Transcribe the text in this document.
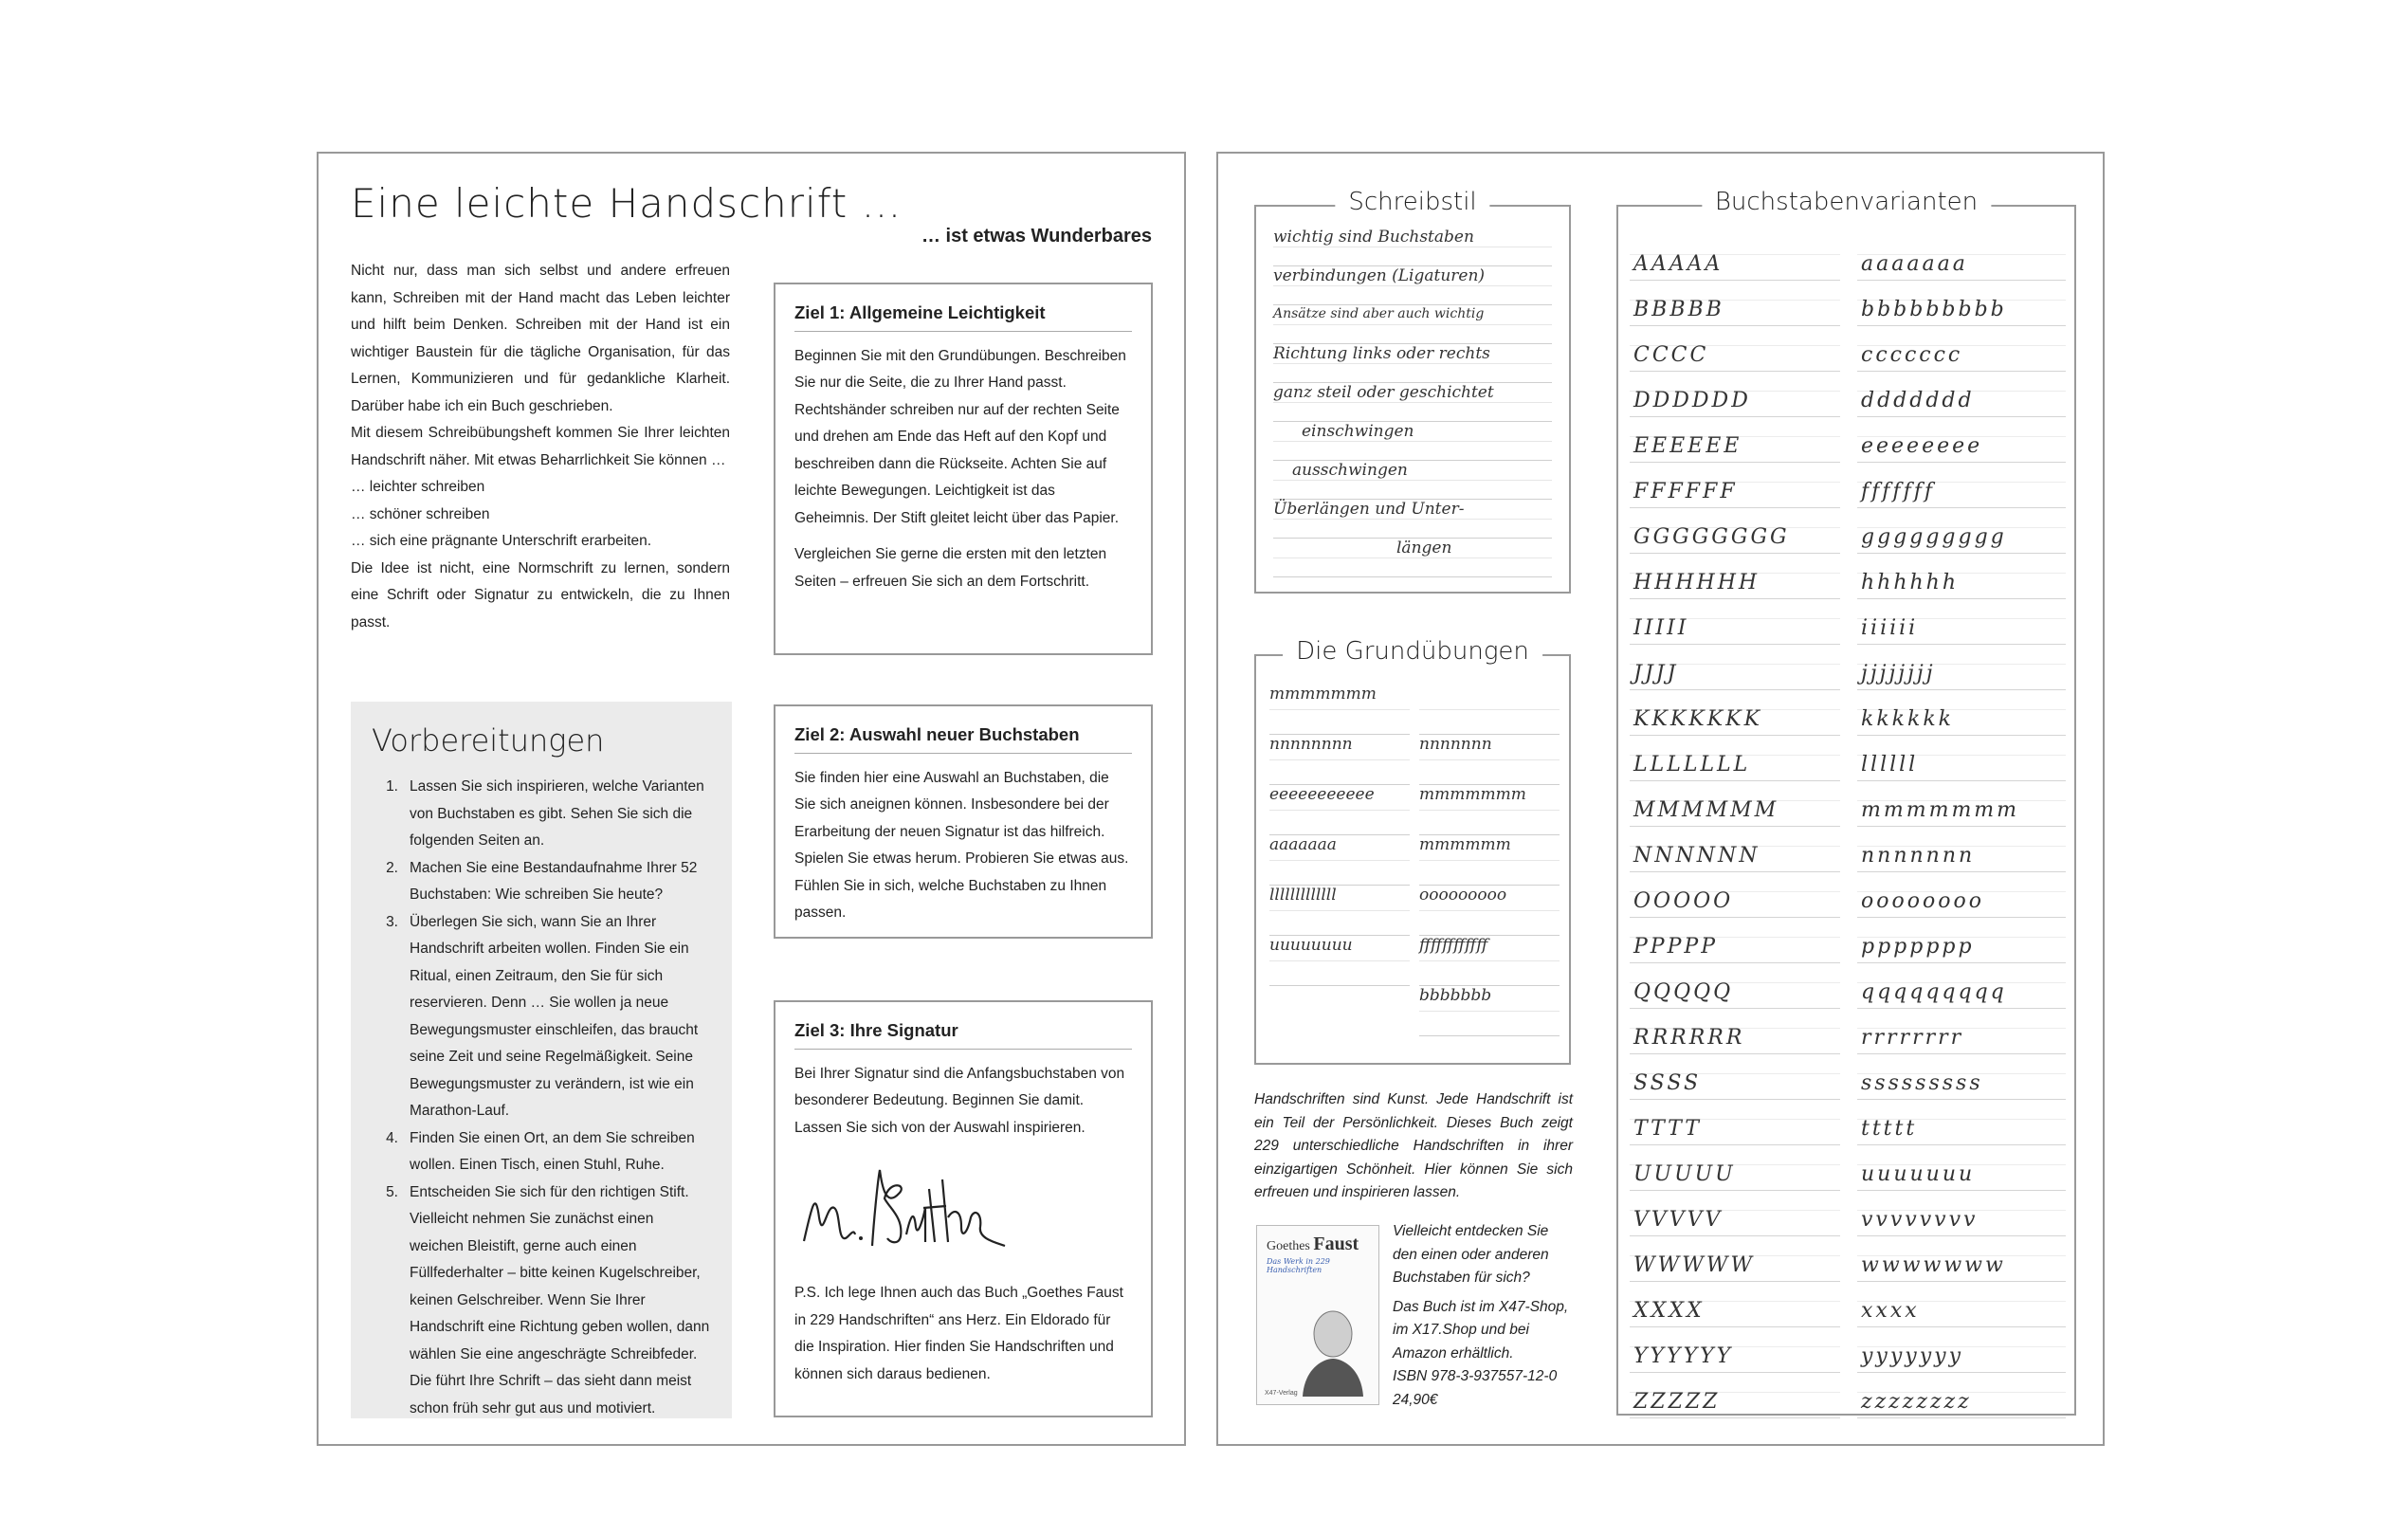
Eine leichte Handschrift …
… ist etwas Wunderbares

Nicht nur, dass man sich selbst und andere erfreuen kann, Schreiben mit der Hand macht das Leben leichter und hilft beim Denken. Schreiben mit der Hand ist ein wichtiger Baustein für die tägliche Organisation, für das Lernen, Kommunizieren und für gedankliche Klarheit. Darüber habe ich ein Buch geschrieben.

Mit diesem Schreibübungsheft kommen Sie Ihrer leichten Handschrift näher. Mit etwas Beharrlichkeit Sie können …

… leichter schreiben

… schöner schreiben

… sich eine prägnante Unterschrift erarbeiten.

Die Idee ist nicht, eine Normschrift zu lernen, sondern eine Schrift oder Signatur zu entwickeln, die zu Ihnen passt.

Vorbereitungen
1. Lassen Sie sich inspirieren, welche Varianten von Buchstaben es gibt. Sehen Sie sich die folgenden Seiten an.
2. Machen Sie eine Bestandaufnahme Ihrer 52 Buchstaben: Wie schreiben Sie heute?
3. Überlegen Sie sich, wann Sie an Ihrer Handschrift arbeiten wollen. Finden Sie ein Ritual, einen Zeitraum, den Sie für sich reservieren. Denn … Sie wollen ja neue Bewegungsmuster einschleifen, das braucht seine Zeit und seine Regelmäßigkeit. Seine Bewegungsmuster zu verändern, ist wie ein Marathon-Lauf.
4. Finden Sie einen Ort, an dem Sie schreiben wollen. Einen Tisch, einen Stuhl, Ruhe.
5. Entscheiden Sie sich für den richtigen Stift. Vielleicht nehmen Sie zunächst einen weichen Bleistift, gerne auch einen Füllfederhalter – bitte keinen Kugelschreiber, keinen Gelschreiber. Wenn Sie Ihrer Handschrift eine Richtung geben wollen, dann wählen Sie eine angeschrägte Schreibfeder. Die führt Ihre Schrift – das sieht dann meist schon früh sehr gut aus und motiviert.
Ziel 1: Allgemeine Leichtigkeit

Beginnen Sie mit den Grundübungen. Beschreiben Sie nur die Seite, die zu Ihrer Hand passt. Rechtshänder schreiben nur auf der rechten Seite und drehen am Ende das Heft auf den Kopf und beschreiben dann die Rückseite. Achten Sie auf leichte Bewegungen. Leichtigkeit ist das Geheimnis. Der Stift gleitet leicht über das Papier.

Vergleichen Sie gerne die ersten mit den letzten Seiten – erfreuen Sie sich an dem Fortschritt.

Ziel 2: Auswahl neuer Buchstaben

Sie finden hier eine Auswahl an Buchstaben, die Sie sich aneignen können. Insbesondere bei der Erarbeitung der neuen Signatur ist das hilfreich. Spielen Sie etwas herum. Probieren Sie etwas aus. Fühlen Sie in sich, welche Buchstaben zu Ihnen passen.

Ziel 3: Ihre Signatur

Bei Ihrer Signatur sind die Anfangsbuchstaben von besonderer Bedeutung. Beginnen Sie damit. Lassen Sie sich von der Auswahl inspirieren.

P.S. Ich lege Ihnen auch das Buch „Goethes Faust in 229 Handschriften“ ans Herz. Ein Eldorado für die Inspiration. Hier finden Sie Handschriften und können sich daraus bedienen.

Schreibstil
wichtig sind Buchstaben
verbindungen (Ligaturen)
Ansätze sind aber auch wichtig
Richtung links oder rechts
ganz steil oder geschichtet
einschwingen
ausschwingen
Überlängen und Unter-
längen
Die Grundübungen
mmmmmmm
nnnnnnnn
eeeeeeeeeee
aaaaaaa
lllllllllllll
uuuuuuuu
nnnnnnn
mmmmmmm
mmmmmm
ooooooooo
ffffffffffff
bbbbbbb
Handschriften sind Kunst. Jede Handschrift ist ein Teil der Persönlichkeit. Dieses Buch zeigt 229 unterschiedliche Handschriften in ihrer einzigartigen Schönheit. Hier können Sie sich erfreuen und inspirieren lassen.
Goethes Faust
Das Werk in 229 Handschriften
X47-Verlag
Vielleicht entdecken Sie den einen oder anderen Buchstaben für sich?
Das Buch ist im X47-Shop, im X17.Shop und bei Amazon erhältlich.
ISBN 978-3-937557-12-0
24,90€
Buchstabenvarianten
AAAAA
BBBBB
CCCC
DDDDDD
EEEEEE
FFFFFF
GGGGGGGG
HHHHHH
IIIII
JJJJ
KKKKKKK
LLLLLLL
MMMMMM
NNNNNN
OOOOO
PPPPP
QQQQQ
RRRRRR
SSSS
TTTT
UUUUU
VVVVV
WWWWW
XXXX
YYYYYY
ZZZZZ
aaaaaaa
bbbbbbbbb
ccccccc
ddddddd
eeeeeeee
fffffff
ggggggggg
hhhhhh
iiiiii
jjjjjjjj
kkkkkk
llllll
mmmmmmm
nnnnnnn
oooooooo
ppppppp
qqqqqqqqq
rrrrrrrr
sssssssss
ttttt
uuuuuuu
vvvvvvvv
wwwwwww
xxxx
yyyyyyy
zzzzzzzz
